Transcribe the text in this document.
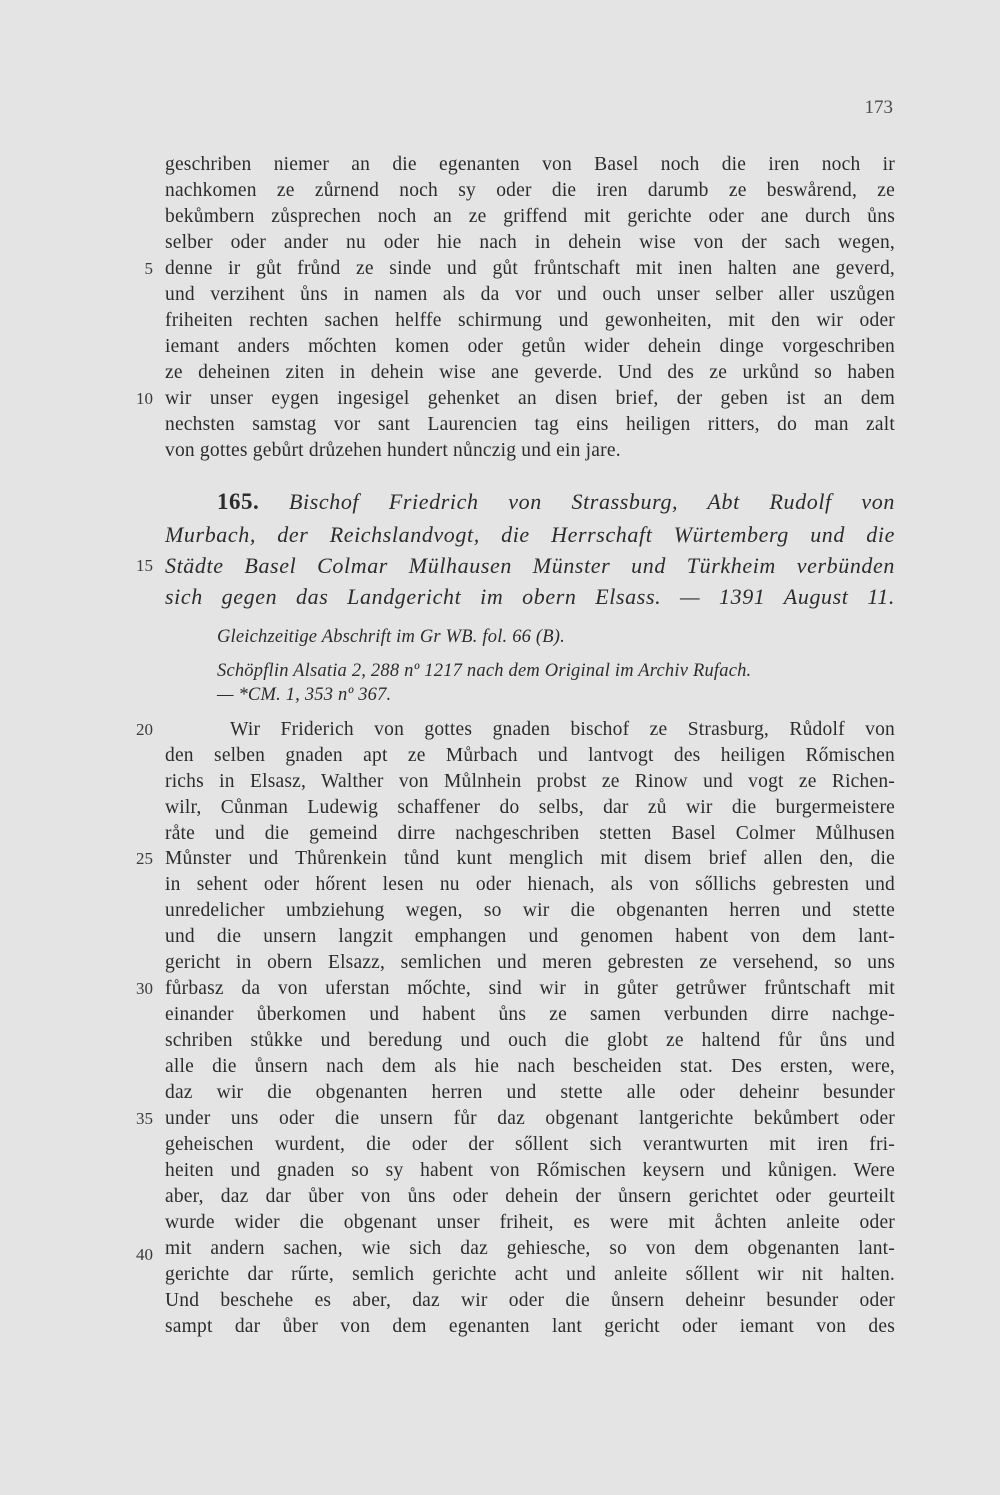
173
5
10
15
20
25
30
35
40
geschriben niemer an die egenanten von Basel noch die iren noch ir
nachkomen ze zůrnend noch sy oder die iren darumb ze beswårend, ze
bekůmbern zůsprechen noch an ze griffend mit gerichte oder ane durch ůns
selber oder ander nu oder hie nach in dehein wise von der sach wegen,
denne ir gůt frůnd ze sinde und gůt frůntschaft mit inen halten ane geverd,
und verzihent ůns in namen als da vor und ouch unser selber aller uszůgen
friheiten rechten sachen helffe schirmung und gewonheiten, mit den wir oder
iemant anders mőchten komen oder getůn wider dehein dinge vorgeschriben
ze deheinen ziten in dehein wise ane geverde. Und des ze urkůnd so haben
wir unser eygen ingesigel gehenket an disen brief, der geben ist an dem
nechsten samstag vor sant Laurencien tag eins heiligen ritters, do man zalt
von gottes gebůrt drůzehen hundert nůnczig und ein jare.
165. Bischof Friedrich von Strassburg, Abt Rudolf von
Murbach, der Reichslandvogt, die Herrschaft Würtemberg und die
Städte Basel Colmar Mülhausen Münster und Türkheim verbünden
sich gegen das Landgericht im obern Elsass. — 1391 August 11.
Gleichzeitige Abschrift im Gr WB. fol. 66 (B).
Schöpflin Alsatia 2, 288 nº 1217 nach dem Original im Archiv Rufach.
— *CM. 1, 353 nº 367.
Wir Friderich von gottes gnaden bischof ze Strasburg, Růdolf von
den selben gnaden apt ze Můrbach und lantvogt des heiligen Rőmischen
richs in Elsasz, Walther von Můlnhein probst ze Rinow und vogt ze Richen-
wilr, Cůnman Ludewig schaffener do selbs, dar zů wir die burgermeistere
råte und die gemeind dirre nachgeschriben stetten Basel Colmer Můlhusen
Můnster und Thůrenkein tůnd kunt menglich mit disem brief allen den, die
in sehent oder hőrent lesen nu oder hienach, als von sőllichs gebresten und
unredelicher umbziehung wegen, so wir die obgenanten herren und stette
und die unsern langzit emphangen und genomen habent von dem lant-
gericht in obern Elsazz, semlichen und meren gebresten ze versehend, so uns
fůrbasz da von uferstan mőchte, sind wir in gůter getrůwer frůntschaft mit
einander ůberkomen und habent ůns ze samen verbunden dirre nachge-
schriben stůkke und beredung und ouch die globt ze haltend fůr ůns und
alle die ůnsern nach dem als hie nach bescheiden stat. Des ersten, were,
daz wir die obgenanten herren und stette alle oder deheinr besunder
under uns oder die unsern fůr daz obgenant lantgerichte bekůmbert oder
geheischen wurdent, die oder der sőllent sich verantwurten mit iren fri-
heiten und gnaden so sy habent von Rőmischen keysern und kůnigen. Were
aber, daz dar ůber von ůns oder dehein der ůnsern gerichtet oder geurteilt
wurde wider die obgenant unser friheit, es were mit åchten anleite oder
mit andern sachen, wie sich daz gehiesche, so von dem obgenanten lant-
gerichte dar rűrte, semlich gerichte acht und anleite sőllent wir nit halten.
Und beschehe es aber, daz wir oder die ůnsern deheinr besunder oder
sampt dar ůber von dem egenanten lant gericht oder iemant von des
